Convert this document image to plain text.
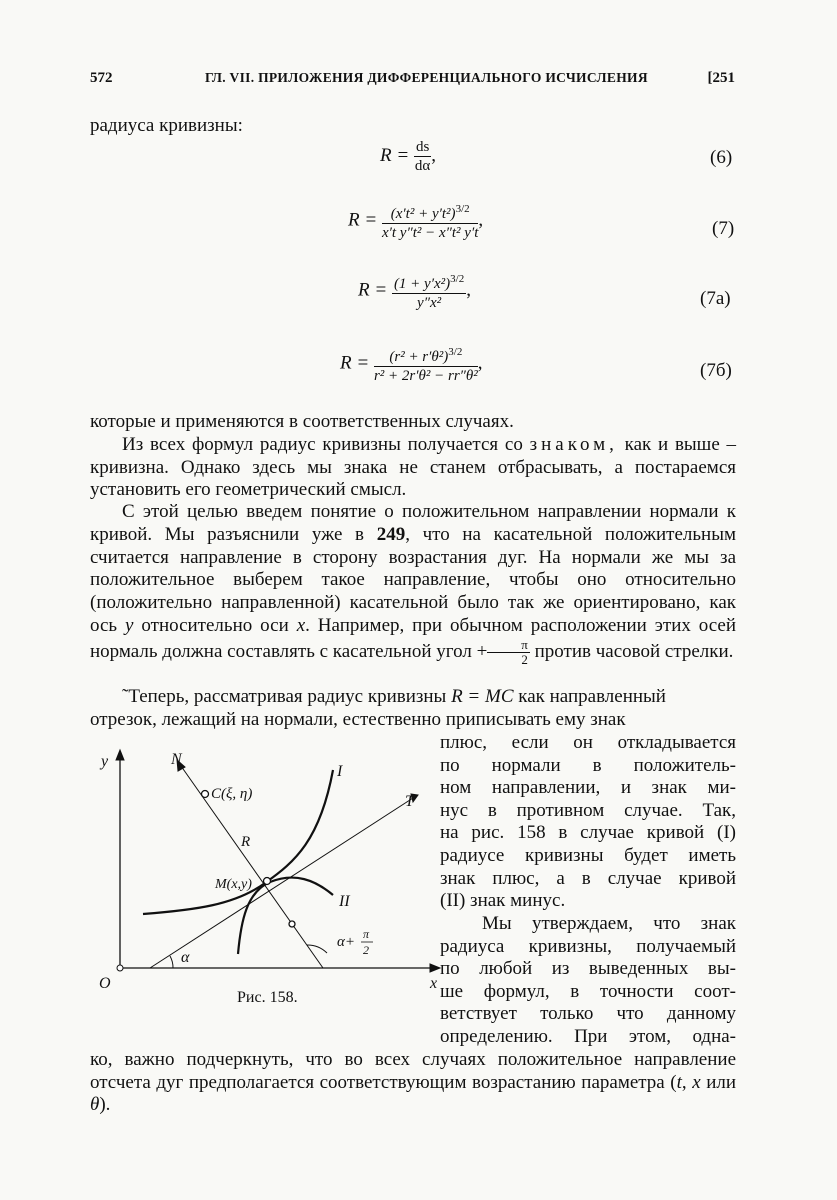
572	ГЛ. VII. ПРИЛОЖЕНИЯ ДИФФЕРЕНЦИАЛЬНОГО ИСЧИСЛЕНИЯ	[251
радиуса кривизны:
$R = \frac{ds}{d\alpha}$ ,	(6)
$R = \frac{(x't^2 + y't^2)^{3/2}}{\text{x′t y″t² − x″t² y′t}}$ ,	(7)
$R = \frac{(1 + y'x^2)^{3/2}}{\text{y″x²}}$ ,	(7а)
$R = \frac{(r^2 + r'\theta^2)^{3/2}}{\text{r² + 2r′θ² − rr″θ²}}$ ,	(7б)
которые и применяются в соответственных случаях.
Из всех формул радиус кривизны получается со знаком, как и выше – кривизна. Однако здесь мы знака не станем отбрасывать, а постараемся установить его геометрический смысл.
С этой целью введем понятие о положительном направлении нормали к кривой. Мы разъяснили уже в 249, что на касательной положительным считается направление в сторону возрастания дуг. На нормали же мы за положительное выберем такое направление, чтобы оно относительно (положительно направленной) касательной было так же ориентировано, как ось y относительно оси x. Например, при обычном расположении этих осей нормаль должна составлять с касательной угол + $\frac{\pi}{2}$ против часовой стрелки.
˜Теперь, рассматривая радиус кривизны R = MC как направленный
отрезок, лежащий на нормали, естественно приписывать ему знак
плюс, если он откладывается
по нормали в положитель-
ном направлении, и знак ми-
нус в противном случае. Так,
на рис. 158 в случае кривой (I)
радиусе кривизны будет иметь
знак плюс, а в случае кривой
(II) знак минус.
Мы утверждаем, что знак
радиуса кривизны, получаемый
по любой из выведенных вы-
ше формул, в точности соот-
ветствует только что данному
определению. При этом, одна-
ко, важно подчеркнуть, что во всех случаях положительное направление отсчета дуг предполагается соответствующим возрастанию параметра (t, x или θ).
y
x
O
N
C(ξ, η)
R
M(x,y)
T
I
II
α
α+ π
2
Рис. 158.
